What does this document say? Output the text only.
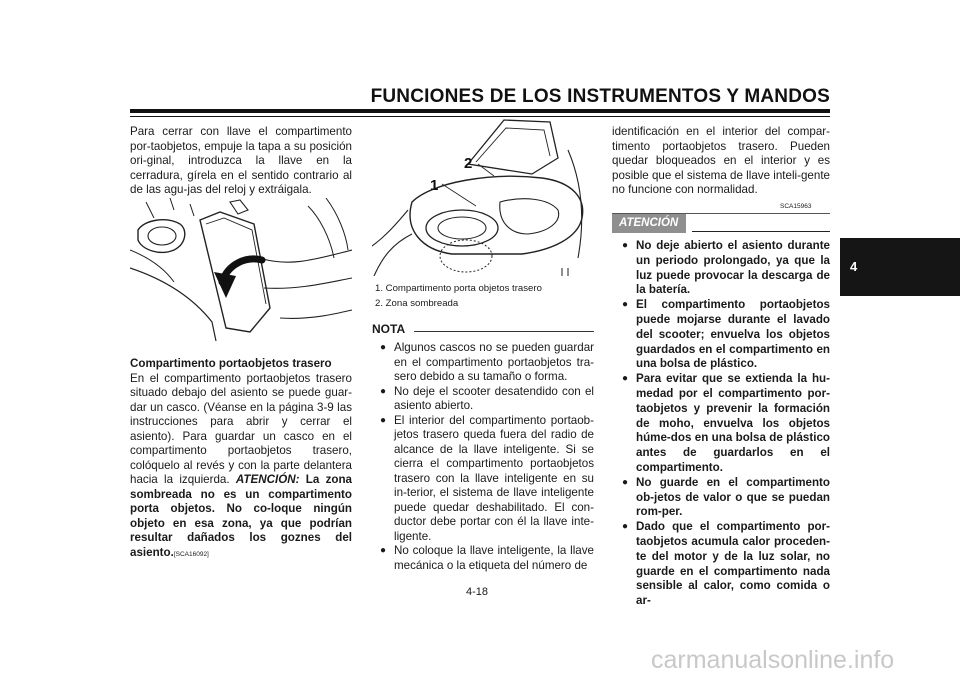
FUNCIONES DE LOS INSTRUMENTOS Y MANDOS
4

Para cerrar con llave el compartimento por-taobjetos, empuje la tapa a su posición ori-ginal, introduzca la llave en la cerradura, gírela en el sentido contrario al de las agu-jas del reloj y extráigala.

Compartimento portaobjetos trasero

En el compartimento portaobjetos trasero situado debajo del asiento se puede guar-dar un casco. (Véanse en la página 3-9 las instrucciones para abrir y cerrar el asiento). Para guardar un casco en el compartimento portaobjetos trasero, colóquelo al revés y con la parte delantera hacia la izquierda. ATENCIÓN: La zona sombreada no es un compartimento porta objetos. No co-loque ningún objeto en esa zona, ya que podrían resultar dañados los goznes del asiento.[SCA16092]

1
2
1. Compartimento porta objetos trasero
2. Zona sombreada
NOTA
● Algunos cascos no se pueden guardar en el compartimento portaobjetos tra-sero debido a su tamaño o forma.
● No deje el scooter desatendido con el asiento abierto.
● El interior del compartimento portaob-jetos trasero queda fuera del radio de alcance de la llave inteligente. Si se cierra el compartimento portaobjetos trasero con la llave inteligente en su in-terior, el sistema de llave inteligente puede quedar deshabilitado. El con-ductor debe portar con él la llave inte-ligente.
● No coloque la llave inteligente, la llave mecánica o la etiqueta del número de

identificación en el interior del compar-timento portaobjetos trasero. Pueden quedar bloqueados en el interior y es posible que el sistema de llave inteli-gente no funcione con normalidad.

SCA15963
ATENCIÓN
● No deje abierto el asiento durante un periodo prolongado, ya que la luz puede provocar la descarga de la batería.
● El compartimento portaobjetos puede mojarse durante el lavado del scooter; envuelva los objetos guardados en el compartimento en una bolsa de plástico.
● Para evitar que se extienda la hu-medad por el compartimento por-taobjetos y prevenir la formación de moho, envuelva los objetos húme-dos en una bolsa de plástico antes de guardarlos en el compartimento.
● No guarde en el compartimento ob-jetos de valor o que se puedan rom-per.
● Dado que el compartimento por-taobjetos acumula calor proceden-te del motor y de la luz solar, no guarde en el compartimento nada sensible al calor, como comida o ar-
4-18
carmanualsonline.info
